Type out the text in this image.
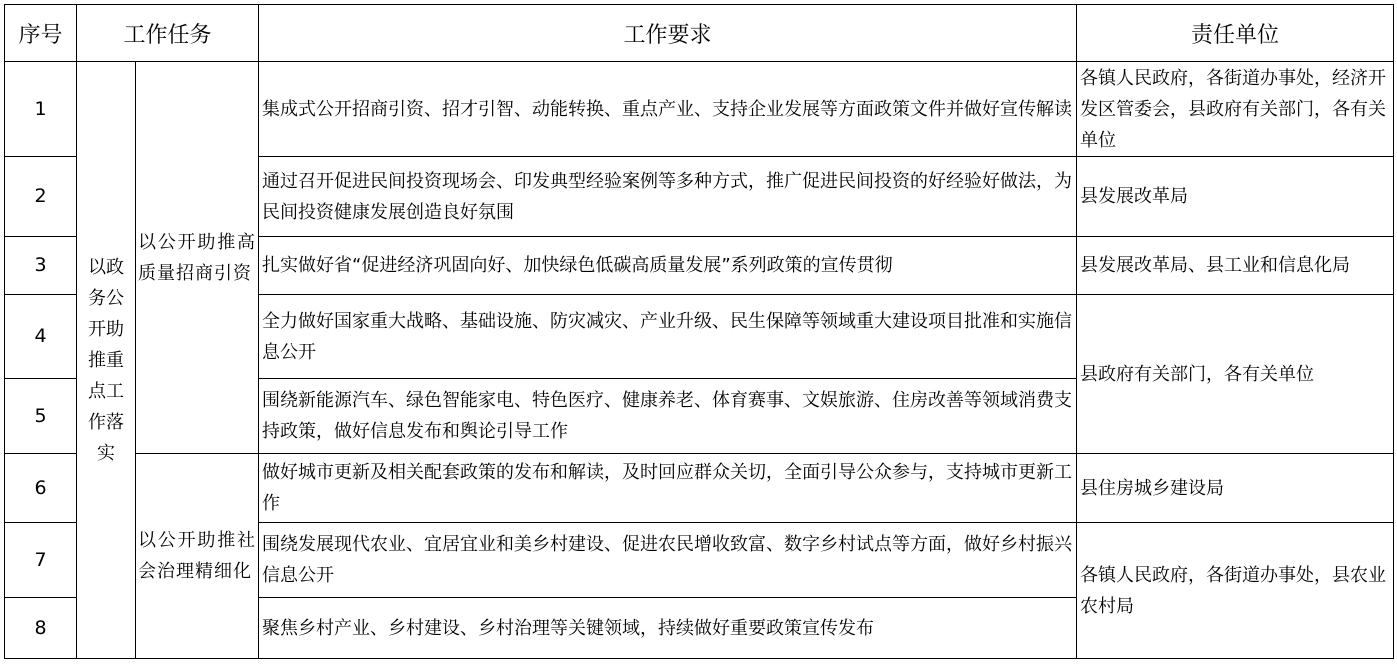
序号	工作任务		工作要求	责任单位
1	以政务公开助推重点工作落实	以公开助推高质量招商引资	集成式公开招商引资、招才引智、动能转换、重点产业、支持企业发展等方面政策文件并做好宣传解读	各镇人民政府，各街道办事处，经济开发区管委会，县政府有关部门，各有关单位
2			通过召开促进民间投资现场会、印发典型经验案例等多种方式，推广促进民间投资的好经验好做法，为民间投资健康发展创造良好氛围	县发展改革局
3			扎实做好省“促进经济巩固向好、加快绿色低碳高质量发展”系列政策的宣传贯彻	县发展改革局、县工业和信息化局
4			全力做好国家重大战略、基础设施、防灾减灾、产业升级、民生保障等领域重大建设项目批准和实施信息公开	县政府有关部门，各有关单位
5			围绕新能源汽车、绿色智能家电、特色医疗、健康养老、体育赛事、文娱旅游、住房改善等领域消费支持政策，做好信息发布和舆论引导工作	
6		以公开助推社会治理精细化	做好城市更新及相关配套政策的发布和解读，及时回应群众关切，全面引导公众参与，支持城市更新工作	县住房城乡建设局
7			围绕发展现代农业、宜居宜业和美乡村建设、促进农民增收致富、数字乡村试点等方面，做好乡村振兴信息公开	各镇人民政府，各街道办事处，县农业农村局
8			聚焦乡村产业、乡村建设、乡村治理等关键领域，持续做好重要政策宣传发布	
